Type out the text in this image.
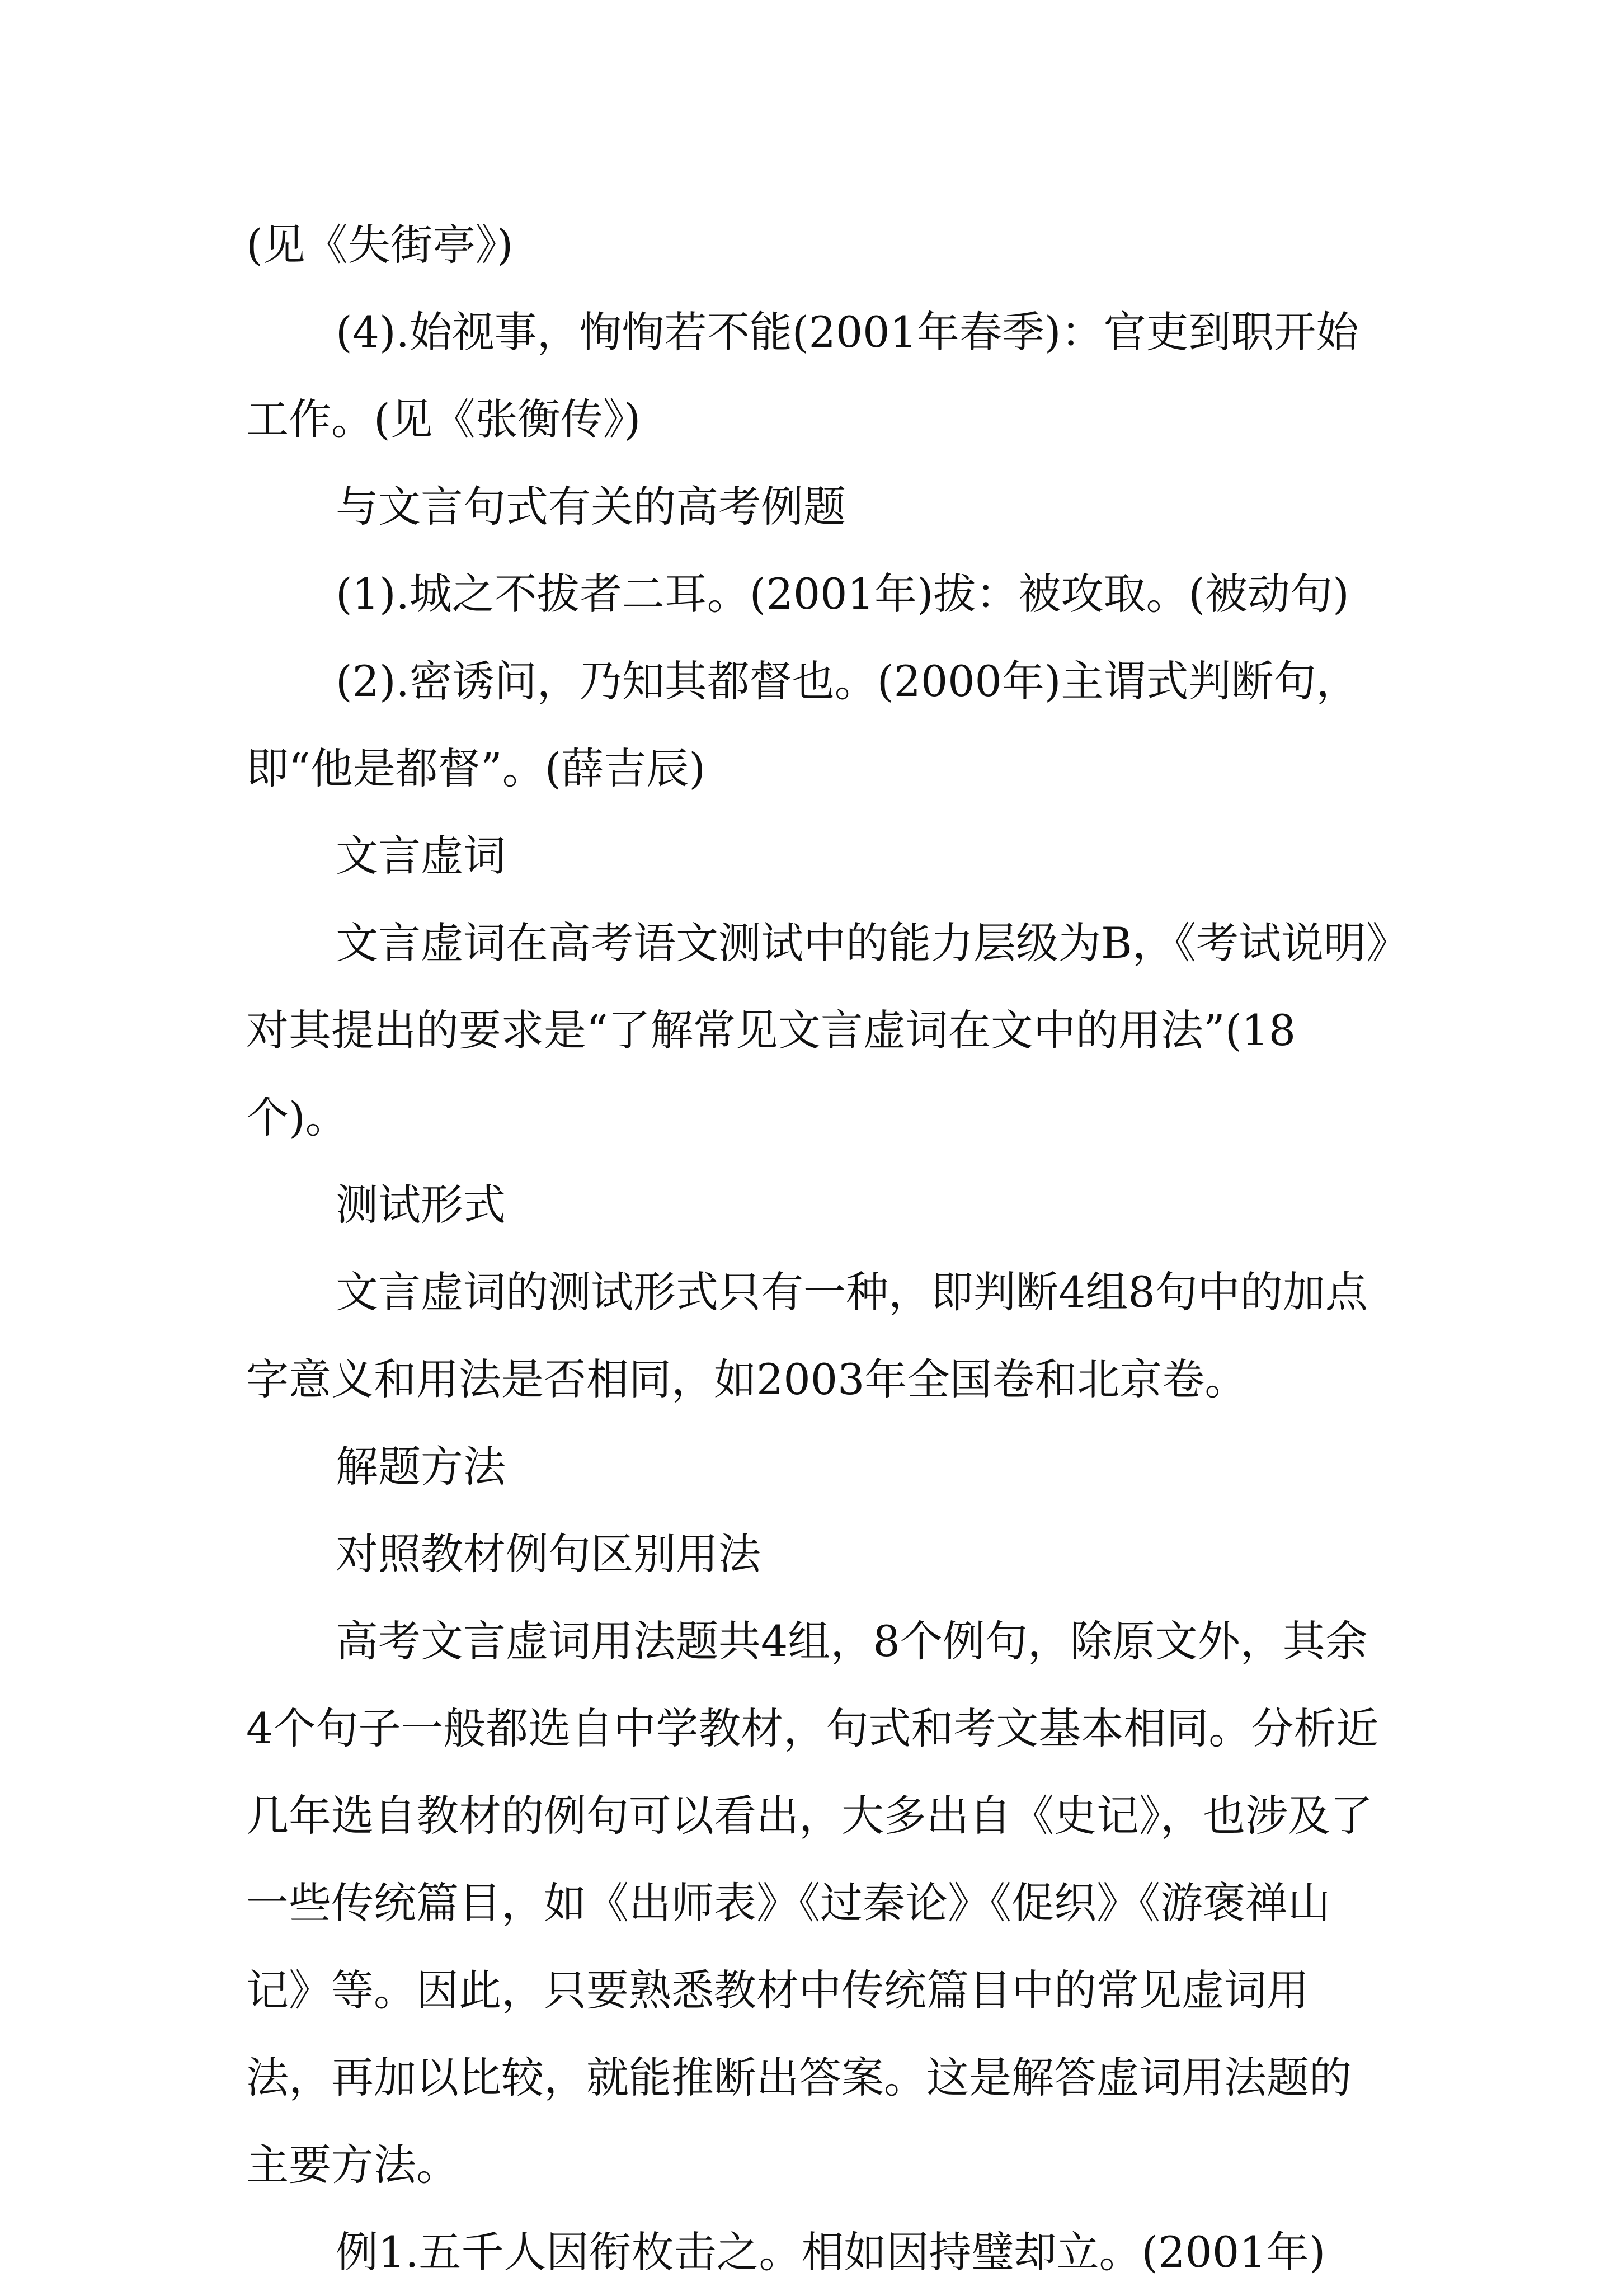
(见《失街亭》)

(4).始视事，恂恂若不能(2001年春季)：官吏到职开始工作。(见《张衡传》)

与文言句式有关的高考例题

(1).城之不拔者二耳。(2001年)拔：被攻取。(被动句)

(2).密诱问，乃知其都督也。(2000年)主谓式判断句，即“他是都督”。(薛吉辰)

文言虚词

文言虚词在高考语文测试中的能力层级为B，《考试说明》对其提出的要求是“了解常见文言虚词在文中的用法”(18个)。

测试形式

文言虚词的测试形式只有一种，即判断4组8句中的加点字意义和用法是否相同，如2003年全国卷和北京卷。

解题方法

对照教材例句区别用法

高考文言虚词用法题共4组，8个例句，除原文外，其余4个句子一般都选自中学教材，句式和考文基本相同。分析近几年选自教材的例句可以看出，大多出自《史记》，也涉及了一些传统篇目，如《出师表》《过秦论》《促织》《游褒禅山记》等。因此，只要熟悉教材中传统篇目中的常见虚词用法，再加以比较，就能推断出答案。这是解答虚词用法题的主要方法。

例1.五千人因衔枚击之。相如因持璧却立。(2001年)
